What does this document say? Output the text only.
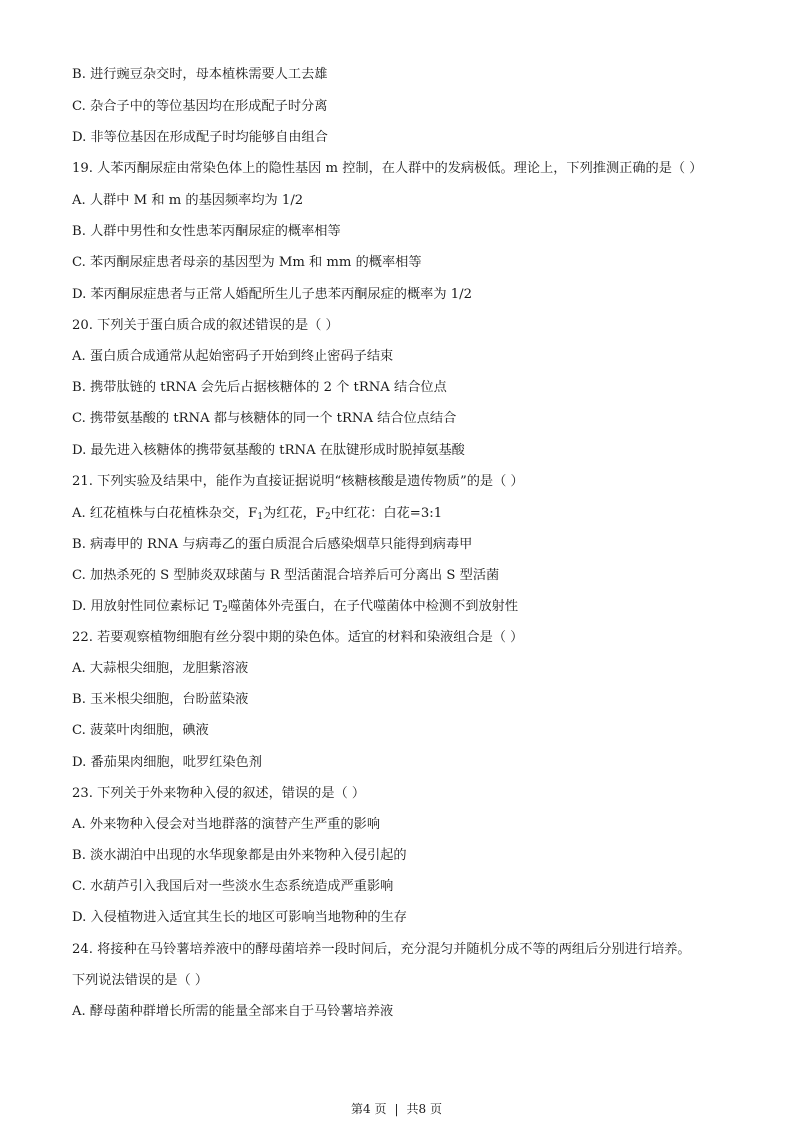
B. 进行豌豆杂交时，母本植株需要人工去雄
C. 杂合子中的等位基因均在形成配子时分离
D. 非等位基因在形成配子时均能够自由组合
19. 人苯丙酮尿症由常染色体上的隐性基因 m 控制，在人群中的发病极低。理论上，下列推测正确的是（ ）
A. 人群中 M 和 m 的基因频率均为 1/2
B. 人群中男性和女性患苯丙酮尿症的概率相等
C. 苯丙酮尿症患者母亲的基因型为 Mm 和 mm 的概率相等
D. 苯丙酮尿症患者与正常人婚配所生儿子患苯丙酮尿症的概率为 1/2
20. 下列关于蛋白质合成的叙述错误的是（ ）
A. 蛋白质合成通常从起始密码子开始到终止密码子结束
B. 携带肽链的 tRNA 会先后占据核糖体的 2 个 tRNA 结合位点
C. 携带氨基酸的 tRNA 都与核糖体的同一个 tRNA 结合位点结合
D. 最先进入核糖体的携带氨基酸的 tRNA 在肽键形成时脱掉氨基酸
21. 下列实验及结果中，能作为直接证据说明“核糖核酸是遗传物质”的是（ ）
A. 红花植株与白花植株杂交，$F_1$为红花，$F_2$中红花：白花=3:1
B. 病毒甲的 RNA 与病毒乙的蛋白质混合后感染烟草只能得到病毒甲
C. 加热杀死的 S 型肺炎双球菌与 R 型活菌混合培养后可分离出 S 型活菌
D. 用放射性同位素标记 $T_2$噬菌体外壳蛋白，在子代噬菌体中检测不到放射性
22. 若要观察植物细胞有丝分裂中期的染色体。适宜的材料和染液组合是（ ）
A. 大蒜根尖细胞，龙胆紫溶液
B. 玉米根尖细胞，台盼蓝染液
C. 菠菜叶肉细胞，碘液
D. 番茄果肉细胞，吡罗红染色剂
23. 下列关于外来物种入侵的叙述，错误的是（ ）
A. 外来物种入侵会对当地群落的演替产生严重的影响
B. 淡水湖泊中出现的水华现象都是由外来物种入侵引起的
C. 水葫芦引入我国后对一些淡水生态系统造成严重影响
D. 入侵植物进入适宜其生长的地区可影响当地物种的生存
24. 将接种在马铃薯培养液中的酵母菌培养一段时间后，充分混匀并随机分成不等的两组后分别进行培养。
下列说法错误的是（ ）
A. 酵母菌种群增长所需的能量全部来自于马铃薯培养液
第4 页 | 共8 页
